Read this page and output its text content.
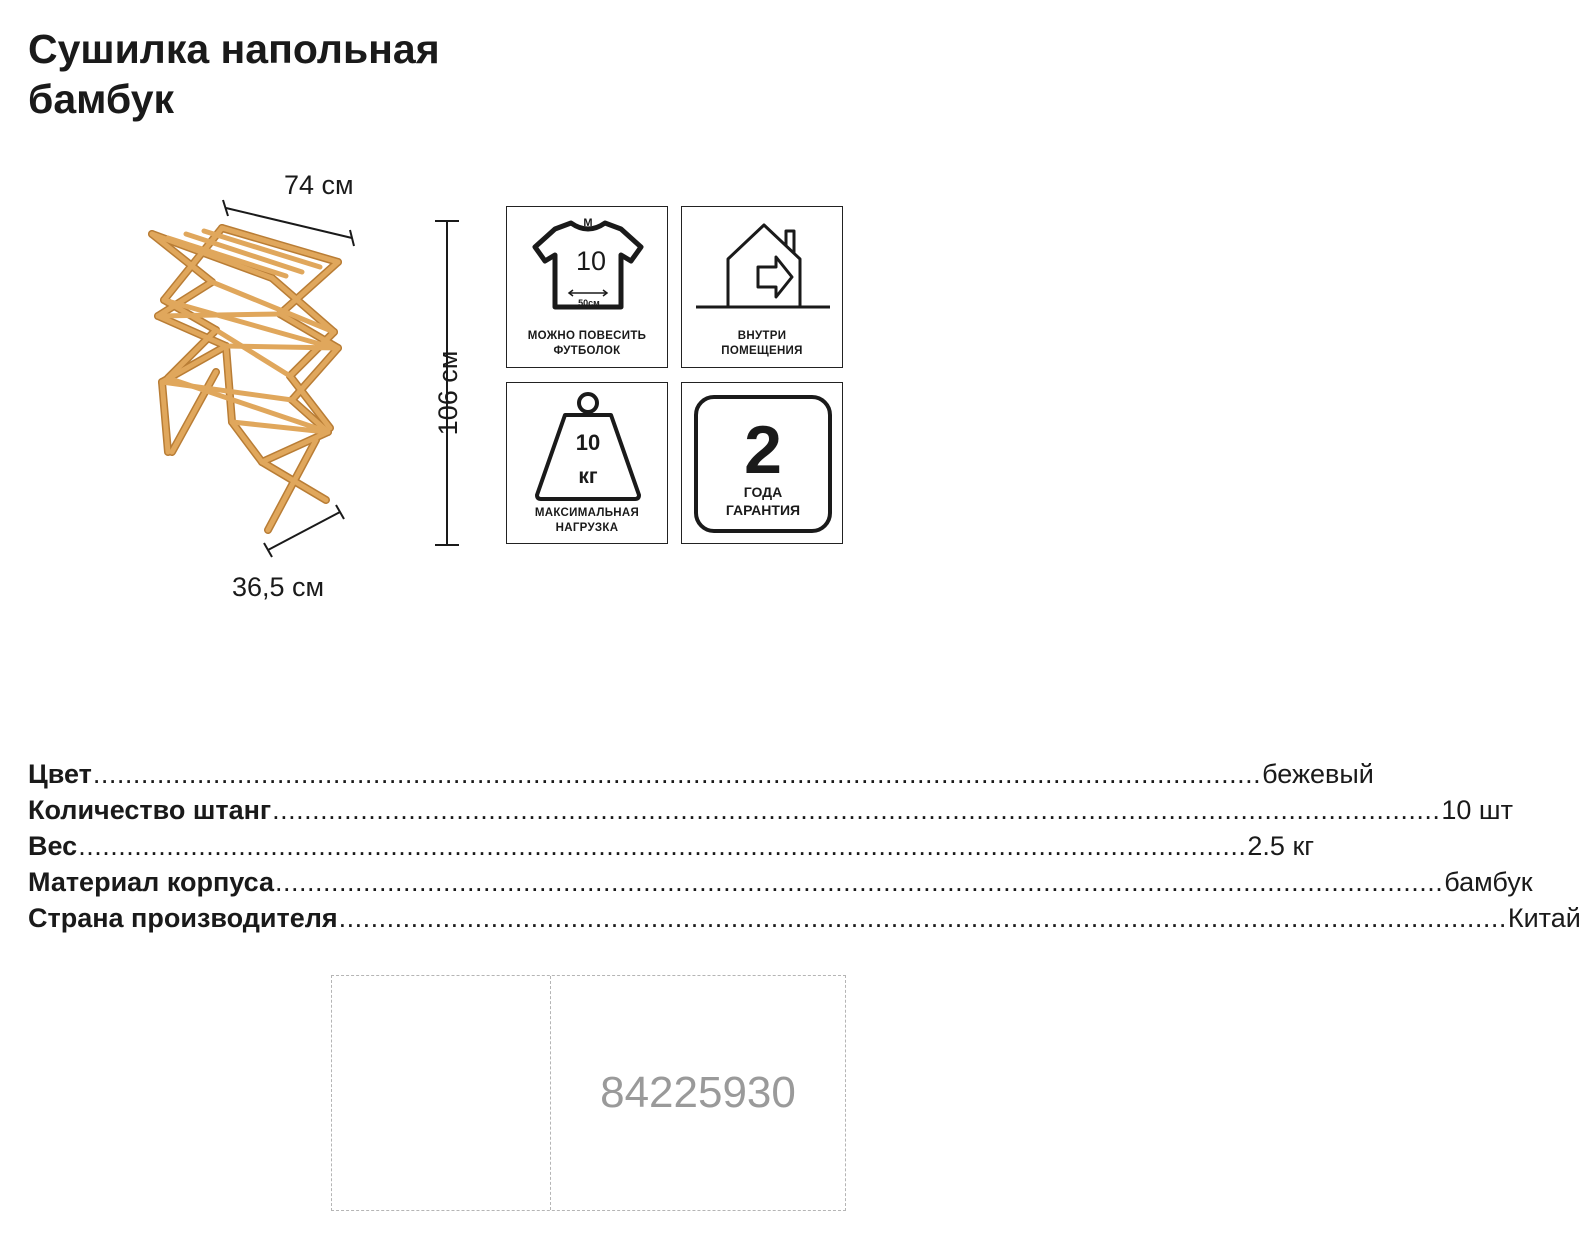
Сушилка напольная
бамбук
74 см
36,5 см
106 см
M
10
50см
МОЖНО ПОВЕСИТЬ
ФУТБОЛОК
ВНУТРИ
ПОМЕЩЕНИЯ
10
кг
МАКСИМАЛЬНАЯ
НАГРУЗКА
2
ГОДА
ГАРАНТИЯ
Цвет .................................................................................................................................................. бежевый
Количество штанг .................................................................................................................................................. 10 шт
Вес .................................................................................................................................................. 2.5 кг
Материал корпуса .................................................................................................................................................. бамбук
Страна производителя .................................................................................................................................................. Китай
84225930
